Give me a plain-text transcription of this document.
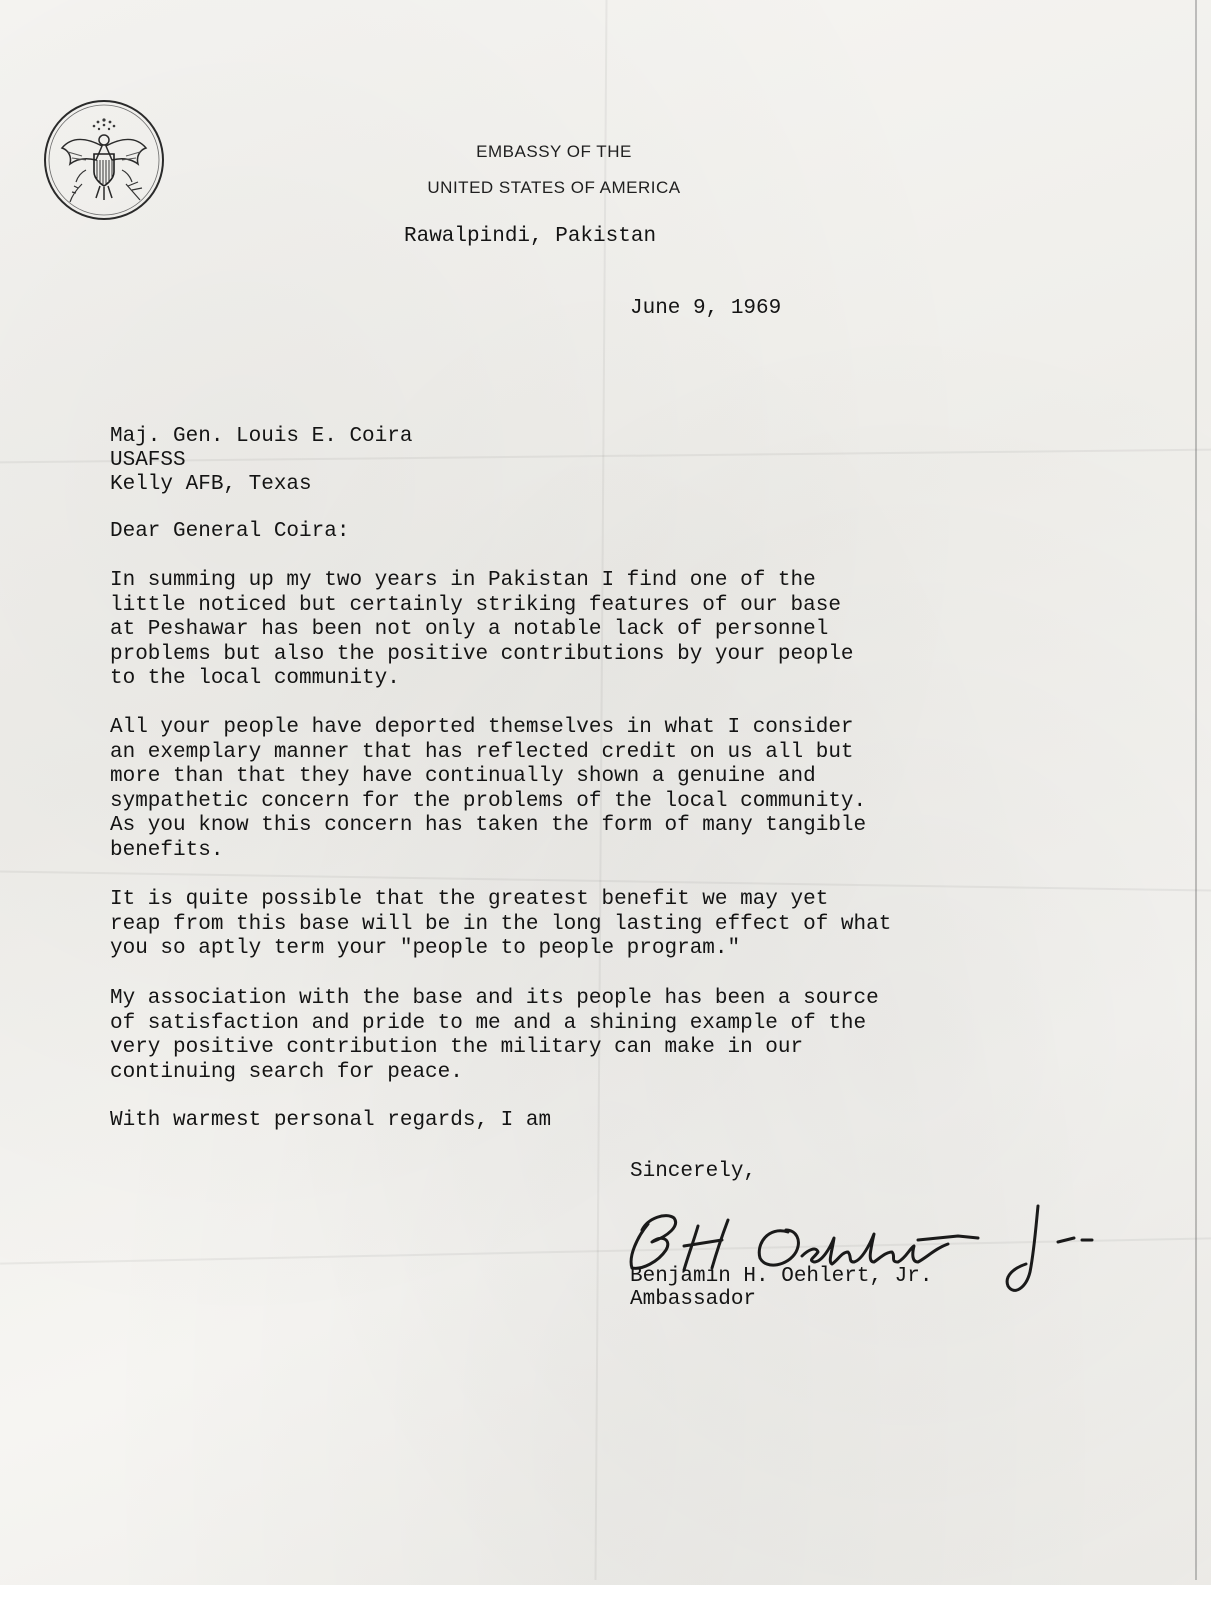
EMBASSY OF THE
UNITED STATES OF AMERICA
Rawalpindi, Pakistan
June 9, 1969
Maj. Gen. Louis E. Coira
USAFSS
Kelly AFB, Texas
Dear General Coira:
In summing up my two years in Pakistan I find one of the
little noticed but certainly striking features of our base
at Peshawar has been not only a notable lack of personnel
problems but also the positive contributions by your people
to the local community.
All your people have deported themselves in what I consider
an exemplary manner that has reflected credit on us all but
more than that they have continually shown a genuine and
sympathetic concern for the problems of the local community.
As you know this concern has taken the form of many tangible
benefits.
It is quite possible that the greatest benefit we may yet
reap from this base will be in the long lasting effect of what
you so aptly term your "people to people program."
My association with the base and its people has been a source
of satisfaction and pride to me and a shining example of the
very positive contribution the military can make in our
continuing search for peace.
With warmest personal regards, I am
Sincerely,
Benjamin H. Oehlert, Jr.
Ambassador
